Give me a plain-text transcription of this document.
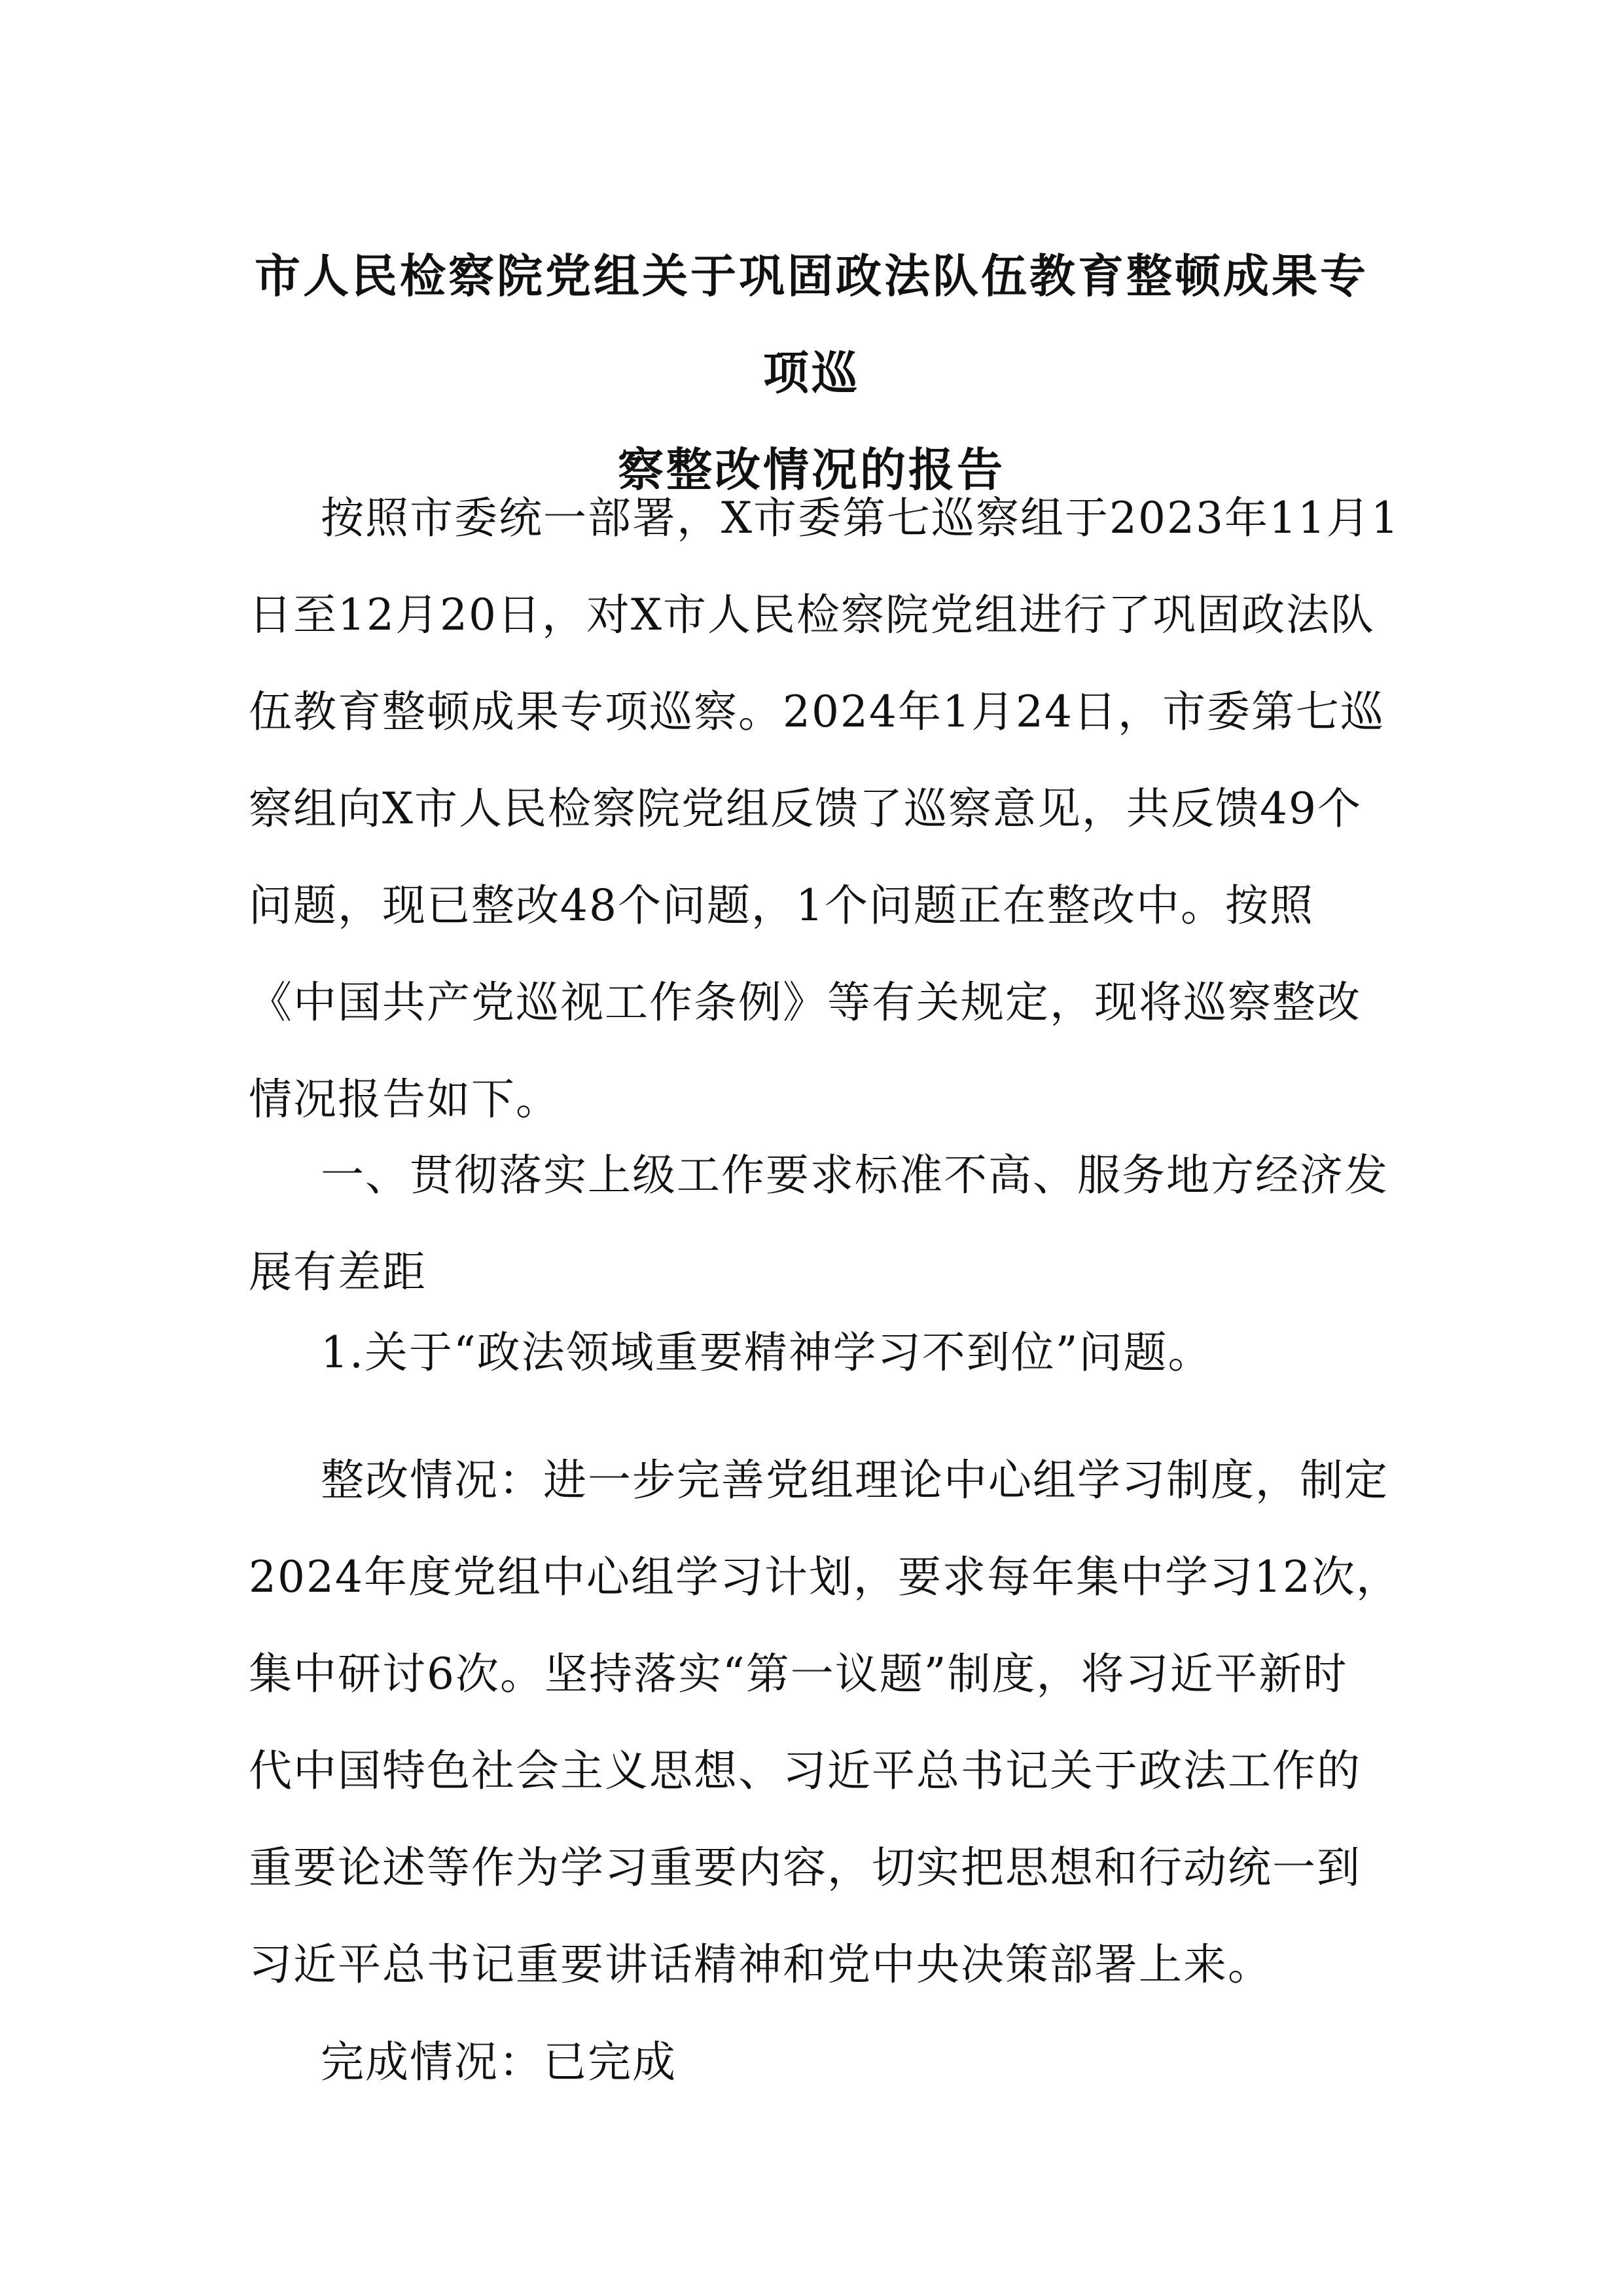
市人民检察院党组关于巩固政法队伍教育整顿成果专项巡
察整改情况的报告

按照市委统一部署，X市委第七巡察组于2023年11月1
日至12月20日，对X市人民检察院党组进行了巩固政法队
伍教育整顿成果专项巡察。2024年1月24日，市委第七巡
察组向X市人民检察院党组反馈了巡察意见，共反馈49个
问题，现已整改48个问题，1个问题正在整改中。按照
《中国共产党巡视工作条例》等有关规定，现将巡察整改
情况报告如下。

一、贯彻落实上级工作要求标准不高、服务地方经济发
展有差距

1.关于“政法领域重要精神学习不到位”问题。

整改情况：进一步完善党组理论中心组学习制度，制定
2024年度党组中心组学习计划，要求每年集中学习12次，
集中研讨6次。坚持落实“第一议题”制度，将习近平新时
代中国特色社会主义思想、习近平总书记关于政法工作的
重要论述等作为学习重要内容，切实把思想和行动统一到
习近平总书记重要讲话精神和党中央决策部署上来。

完成情况：已完成
